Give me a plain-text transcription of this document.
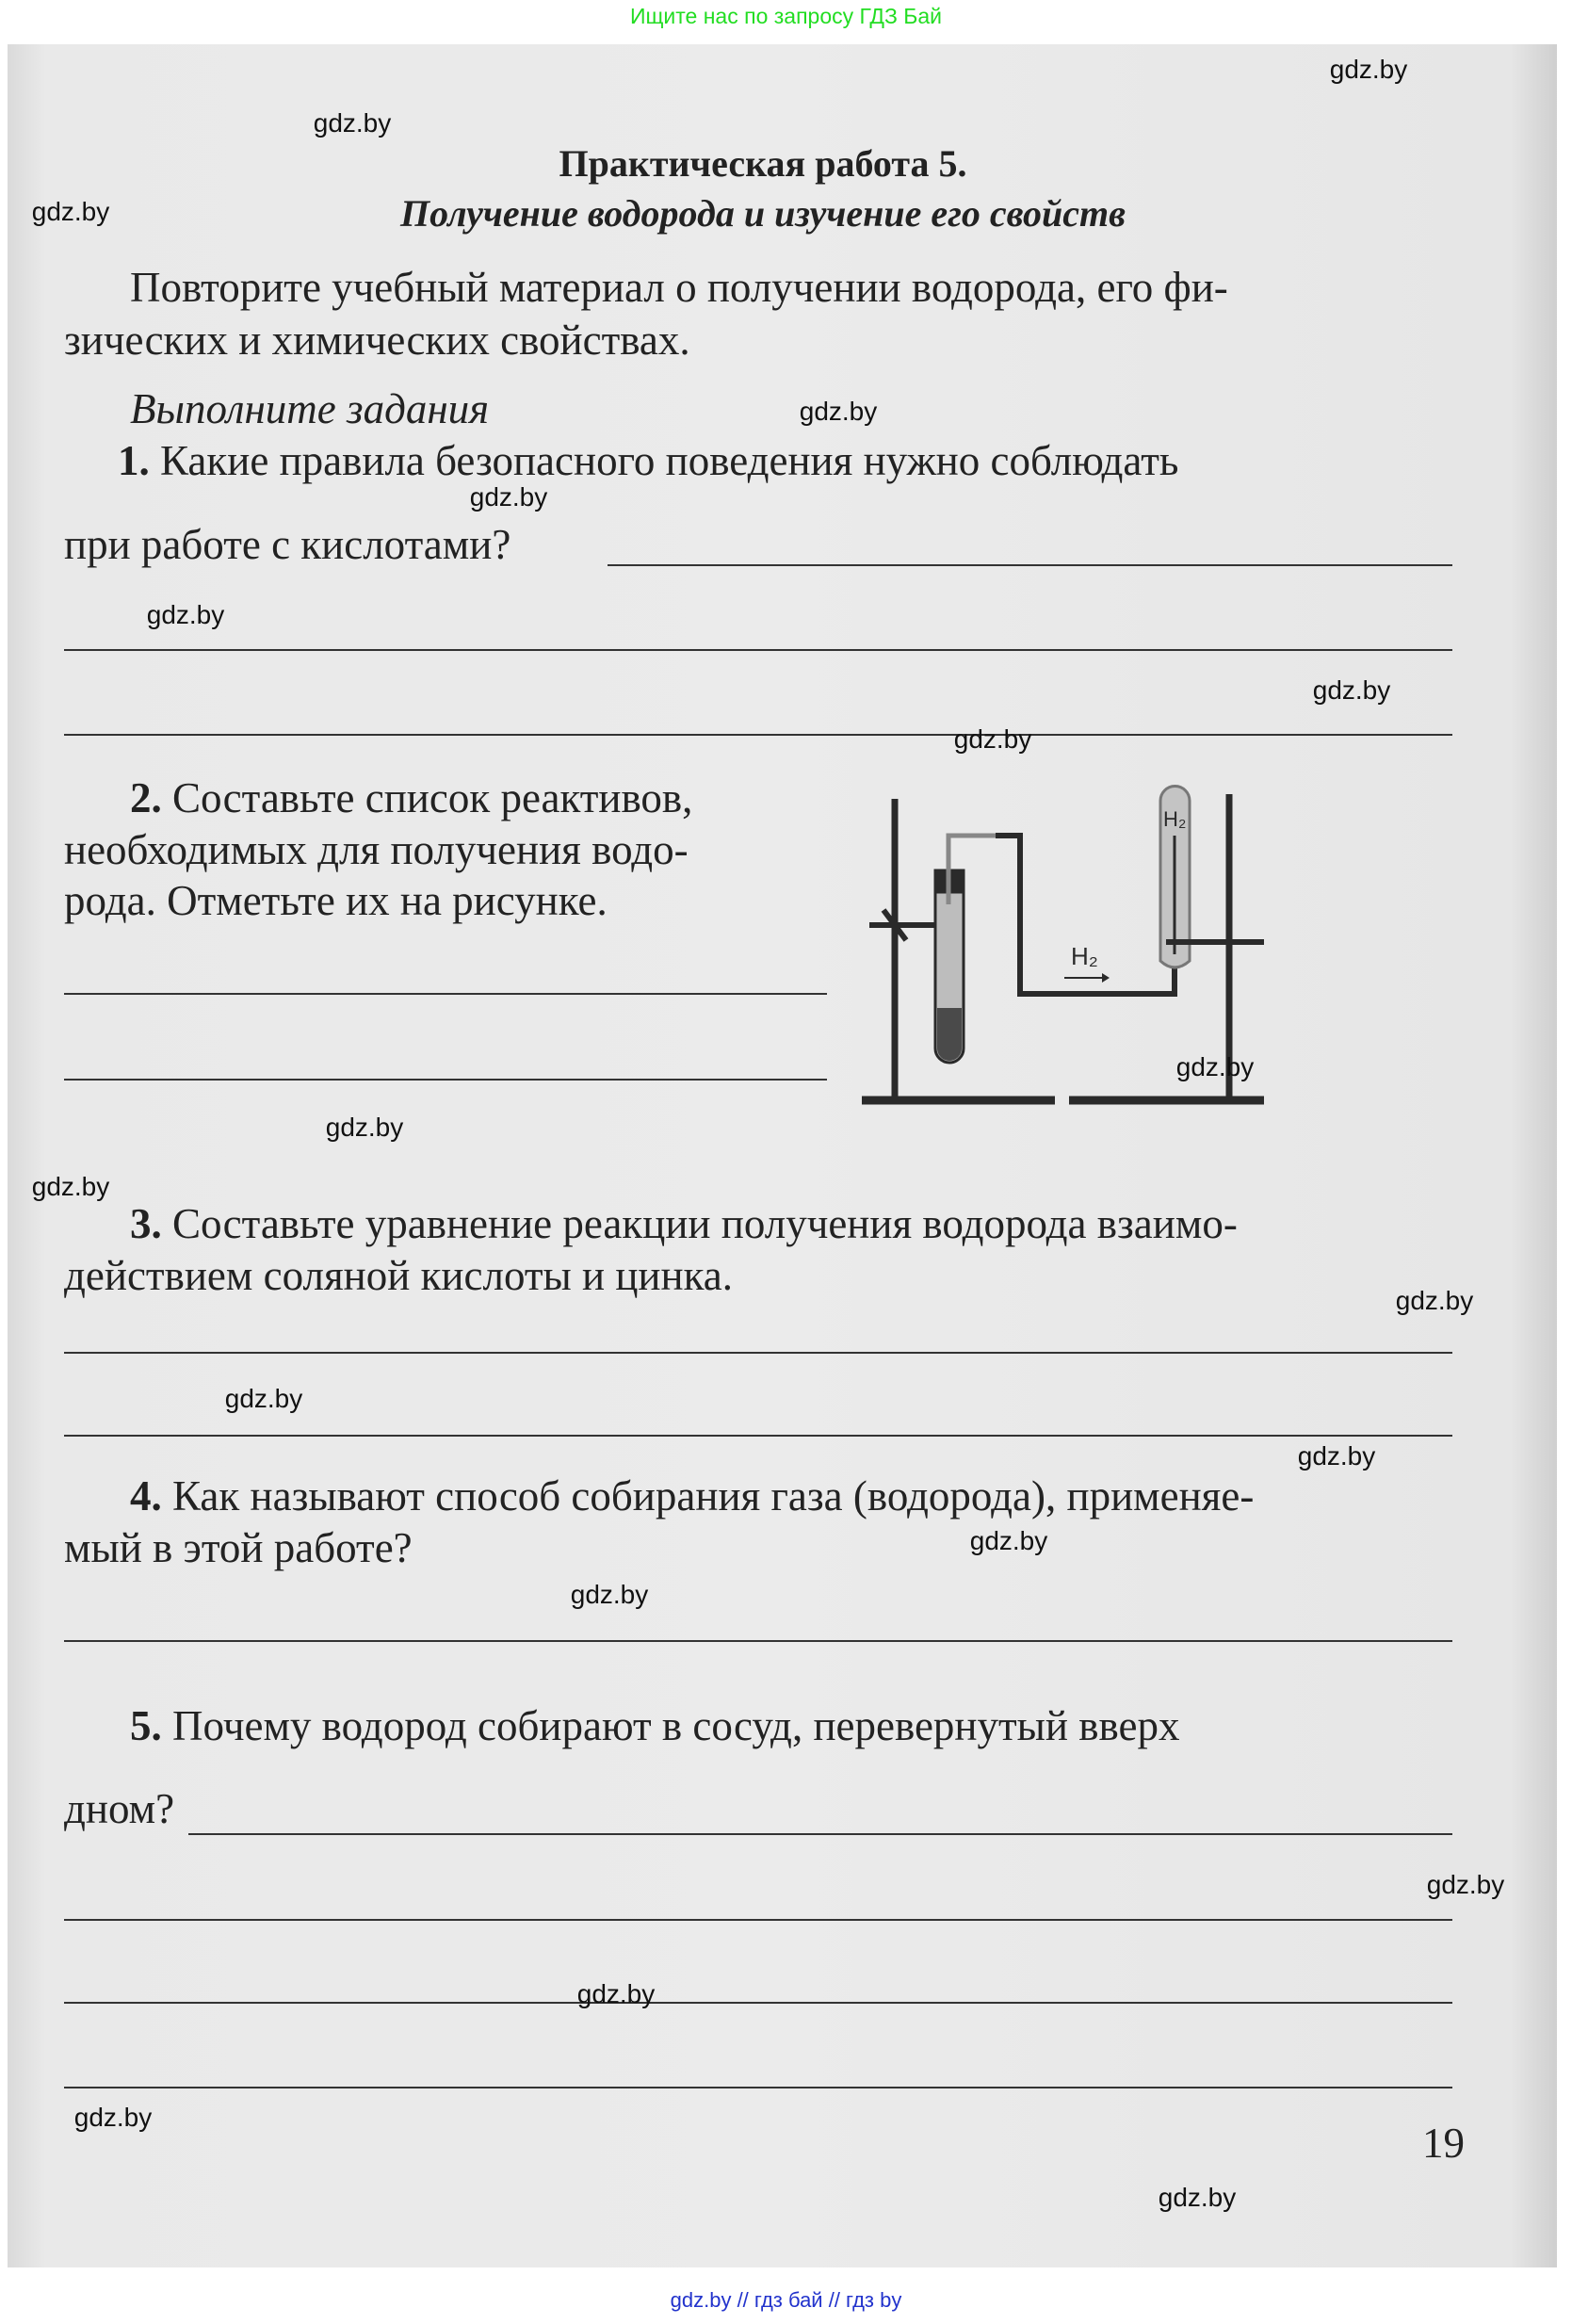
Ищите нас по запросу ГДЗ Бай
Практическая работа 5.
Получение водорода и изучение его свойств
Повторите учебный материал о получении водорода, его фи-
зических и химических свойствах.
Выполните задания
1. Какие правила безопасного поведения нужно соблюдать
при работе с кислотами?
2. Составьте список реактивов,
необходимых для получения водо-
рода. Отметьте их на рисунке.
H₂
H₂
3. Составьте уравнение реакции получения водорода взаимо-
действием соляной кислоты и цинка.
4. Как называют способ собирания газа (водорода), применяе-
мый в этой работе?
5. Почему водород собирают в сосуд, перевернутый вверх
дном?
19
gdz.by
gdz.by
gdz.by
gdz.by
gdz.by
gdz.by
gdz.by
gdz.by
gdz.by
gdz.by
gdz.by
gdz.by
gdz.by
gdz.by
gdz.by
gdz.by
gdz.by
gdz.by
gdz.by
gdz.by
gdz.by // гдз бай // гдз by
